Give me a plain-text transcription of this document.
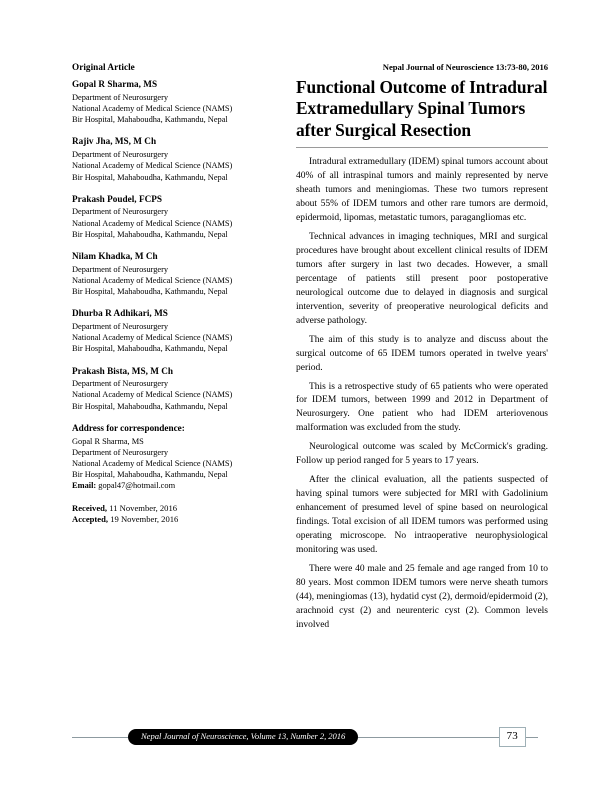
Original Article
Gopal R Sharma, MS
Department of Neurosurgery
National Academy of Medical Science (NAMS)
Bir Hospital, Mahaboudha, Kathmandu, Nepal
Rajiv Jha, MS, M Ch
Department of Neurosurgery
National Academy of Medical Science (NAMS)
Bir Hospital, Mahaboudha, Kathmandu, Nepal
Prakash Poudel, FCPS
Department of Neurosurgery
National Academy of Medical Science (NAMS)
Bir Hospital, Mahaboudha, Kathmandu, Nepal
Nilam Khadka, M Ch
Department of Neurosurgery
National Academy of Medical Science (NAMS)
Bir Hospital, Mahaboudha, Kathmandu, Nepal
Dhurba R Adhikari, MS
Department of Neurosurgery
National Academy of Medical Science (NAMS)
Bir Hospital, Mahaboudha, Kathmandu, Nepal
Prakash Bista, MS, M Ch
Department of Neurosurgery
National Academy of Medical Science (NAMS)
Bir Hospital, Mahaboudha, Kathmandu, Nepal
Address for correspondence:
Gopal R Sharma, MS
Department of Neurosurgery
National Academy of Medical Science (NAMS)
Bir Hospital, Mahaboudha, Kathmandu, Nepal
Email: gopal47@hotmail.com
Received, 11 November, 2016
Accepted, 19 November, 2016
Nepal Journal of Neuroscience 13:73-80, 2016
Functional Outcome of Intradural Extramedullary Spinal Tumors after Surgical Resection

Intradural extramedullary (IDEM) spinal tumors account about 40% of all intraspinal tumors and mainly represented by nerve sheath tumors and meningiomas. These two tumors represent about 55% of IDEM tumors and other rare tumors are dermoid, epidermoid, lipomas, metastatic tumors, paragangliomas etc.

Technical advances in imaging techniques, MRI and surgical procedures have brought about excellent clinical results of IDEM tumors after surgery in last two decades. However, a small percentage of patients still present poor postoperative neurological outcome due to delayed in diagnosis and surgical intervention, severity of preoperative neurological deficits and adverse pathology.

The aim of this study is to analyze and discuss about the surgical outcome of 65 IDEM tumors operated in twelve years' period.

This is a retrospective study of 65 patients who were operated for IDEM tumors, between 1999 and 2012 in Department of Neurosurgery. One patient who had IDEM arteriovenous malformation was excluded from the study.

Neurological outcome was scaled by McCormick's grading. Follow up period ranged for 5 years to 17 years.

After the clinical evaluation, all the patients suspected of having spinal tumors were subjected for MRI with Gadolinium enhancement of presumed level of spine based on neurological findings. Total excision of all IDEM tumors was performed using operating microscope. No intraoperative neurophysiological monitoring was used.

There were 40 male and 25 female and age ranged from 10 to 80 years. Most common IDEM tumors were nerve sheath tumors (44), meningiomas (13), hydatid cyst (2), dermoid/epidermoid (2), arachnoid cyst (2) and neurenteric cyst (2). Common levels involved

Nepal Journal of Neuroscience, Volume 13, Number 2, 2016	73
